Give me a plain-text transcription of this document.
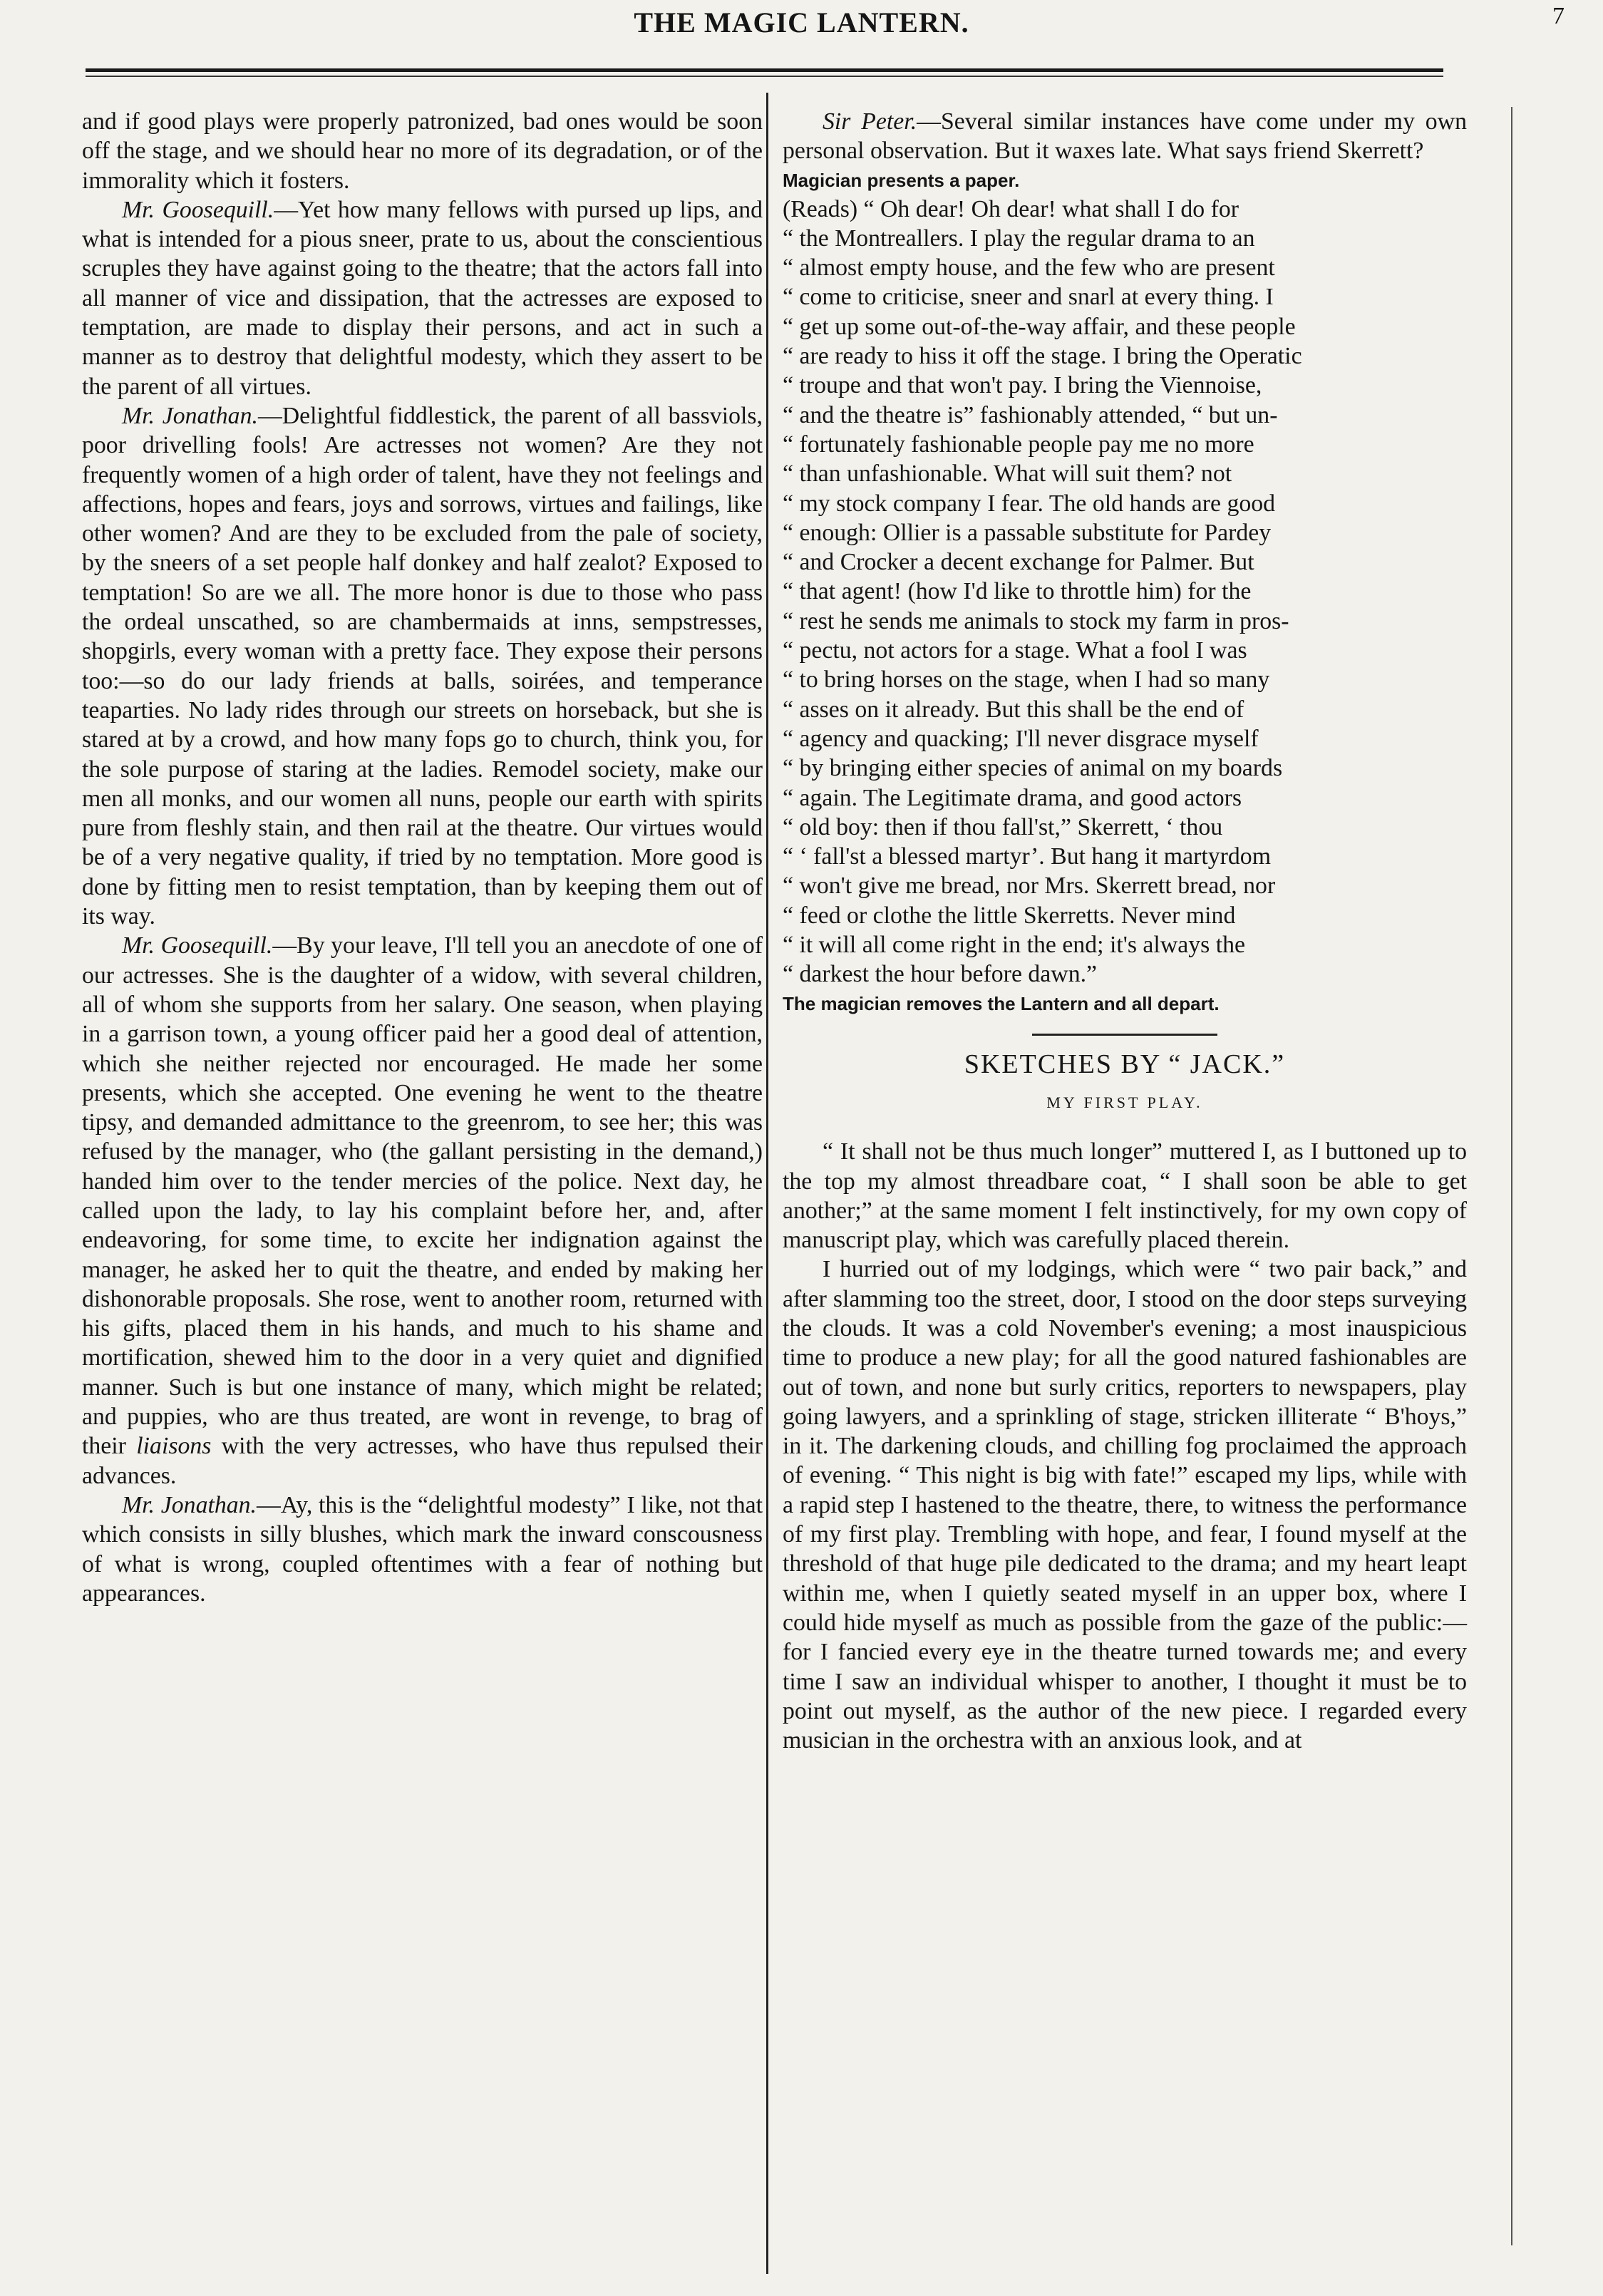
THE MAGIC LANTERN.	7

and if good plays were properly patronized, bad ones would be soon off the stage, and we should hear no more of its degradation, or of the immorality which it fosters.

Mr. Goosequill.—Yet how many fellows with pursed up lips, and what is intended for a pious sneer, prate to us, about the conscientious scruples they have against going to the theatre; that the actors fall into all manner of vice and dissipation, that the actresses are exposed to temptation, are made to display their persons, and act in such a manner as to destroy that delightful modesty, which they assert to be the parent of all virtues.

Mr. Jonathan.—Delightful fiddlestick, the parent of all bassviols, poor drivelling fools! Are actresses not women? Are they not frequently women of a high order of talent, have they not feelings and affections, hopes and fears, joys and sorrows, virtues and failings, like other women? And are they to be excluded from the pale of society, by the sneers of a set people half donkey and half zealot? Exposed to temptation! So are we all. The more honor is due to those who pass the ordeal unscathed, so are chambermaids at inns, sempstresses, shopgirls, every woman with a pretty face. They expose their persons too:—so do our lady friends at balls, soirées, and temperance teaparties. No lady rides through our streets on horseback, but she is stared at by a crowd, and how many fops go to church, think you, for the sole purpose of staring at the ladies. Remodel society, make our men all monks, and our women all nuns, people our earth with spirits pure from fleshly stain, and then rail at the theatre. Our virtues would be of a very negative quality, if tried by no temptation. More good is done by fitting men to resist temptation, than by keeping them out of its way.

Mr. Goosequill.—By your leave, I'll tell you an anecdote of one of our actresses. She is the daughter of a widow, with several children, all of whom she supports from her salary. One season, when playing in a garrison town, a young officer paid her a good deal of attention, which she neither rejected nor encouraged. He made her some presents, which she accepted. One evening he went to the theatre tipsy, and demanded admittance to the greenrom, to see her; this was refused by the manager, who (the gallant persisting in the demand,) handed him over to the tender mercies of the police. Next day, he called upon the lady, to lay his complaint before her, and, after endeavoring, for some time, to excite her indignation against the manager, he asked her to quit the theatre, and ended by making her dishonorable proposals. She rose, went to another room, returned with his gifts, placed them in his hands, and much to his shame and mortification, shewed him to the door in a very quiet and dignified manner. Such is but one instance of many, which might be related; and puppies, who are thus treated, are wont in revenge, to brag of their liaisons with the very actresses, who have thus repulsed their advances.

Mr. Jonathan.—Ay, this is the “delightful modesty” I like, not that which consists in silly blushes, which mark the inward conscousness of what is wrong, coupled oftentimes with a fear of nothing but appearances.

Sir Peter.—Several similar instances have come under my own personal observation. But it waxes late. What says friend Skerrett?

Magician presents a paper.

(Reads) “ Oh dear! Oh dear! what shall I do for
“ the Montreallers. I play the regular drama to an
“ almost empty house, and the few who are present
“ come to criticise, sneer and snarl at every thing. I
“ get up some out-of-the-way affair, and these people
“ are ready to hiss it off the stage. I bring the Operatic
“ troupe and that won't pay. I bring the Viennoise,
“ and the theatre is” fashionably attended, “ but un-
“ fortunately fashionable people pay me no more
“ than unfashionable. What will suit them? not
“ my stock company I fear. The old hands are good
“ enough: Ollier is a passable substitute for Pardey
“ and Crocker a decent exchange for Palmer. But
“ that agent! (how I'd like to throttle him) for the
“ rest he sends me animals to stock my farm in pros-
“ pectu, not actors for a stage. What a fool I was
“ to bring horses on the stage, when I had so many
“ asses on it already. But this shall be the end of
“ agency and quacking; I'll never disgrace myself
“ by bringing either species of animal on my boards
“ again. The Legitimate drama, and good actors
“ old boy: then if thou fall'st,” Skerrett, ‘ thou
“ ‘ fall'st a blessed martyr’. But hang it martyrdom
“ won't give me bread, nor Mrs. Skerrett bread, nor
“ feed or clothe the little Skerretts. Never mind
“ it will all come right in the end; it's always the
“ darkest the hour before dawn.”

The magician removes the Lantern and all depart.

SKETCHES BY “ JACK.”
MY FIRST PLAY.

“ It shall not be thus much longer” muttered I, as I buttoned up to the top my almost threadbare coat, “ I shall soon be able to get another;” at the same moment I felt instinctively, for my own copy of manuscript play, which was carefully placed therein.

I hurried out of my lodgings, which were “ two pair back,” and after slamming too the street, door, I stood on the door steps surveying the clouds. It was a cold November's evening; a most inauspicious time to produce a new play; for all the good natured fashionables are out of town, and none but surly critics, reporters to newspapers, play going lawyers, and a sprinkling of stage, stricken illiterate “ B'hoys,” in it. The darkening clouds, and chilling fog proclaimed the approach of evening. “ This night is big with fate!” escaped my lips, while with a rapid step I hastened to the theatre, there, to witness the performance of my first play. Trembling with hope, and fear, I found myself at the threshold of that huge pile dedicated to the drama; and my heart leapt within me, when I quietly seated myself in an upper box, where I could hide myself as much as possible from the gaze of the public:—for I fancied every eye in the theatre turned towards me; and every time I saw an individual whisper to another, I thought it must be to point out myself, as the author of the new piece. I regarded every musician in the orchestra with an anxious look, and at
